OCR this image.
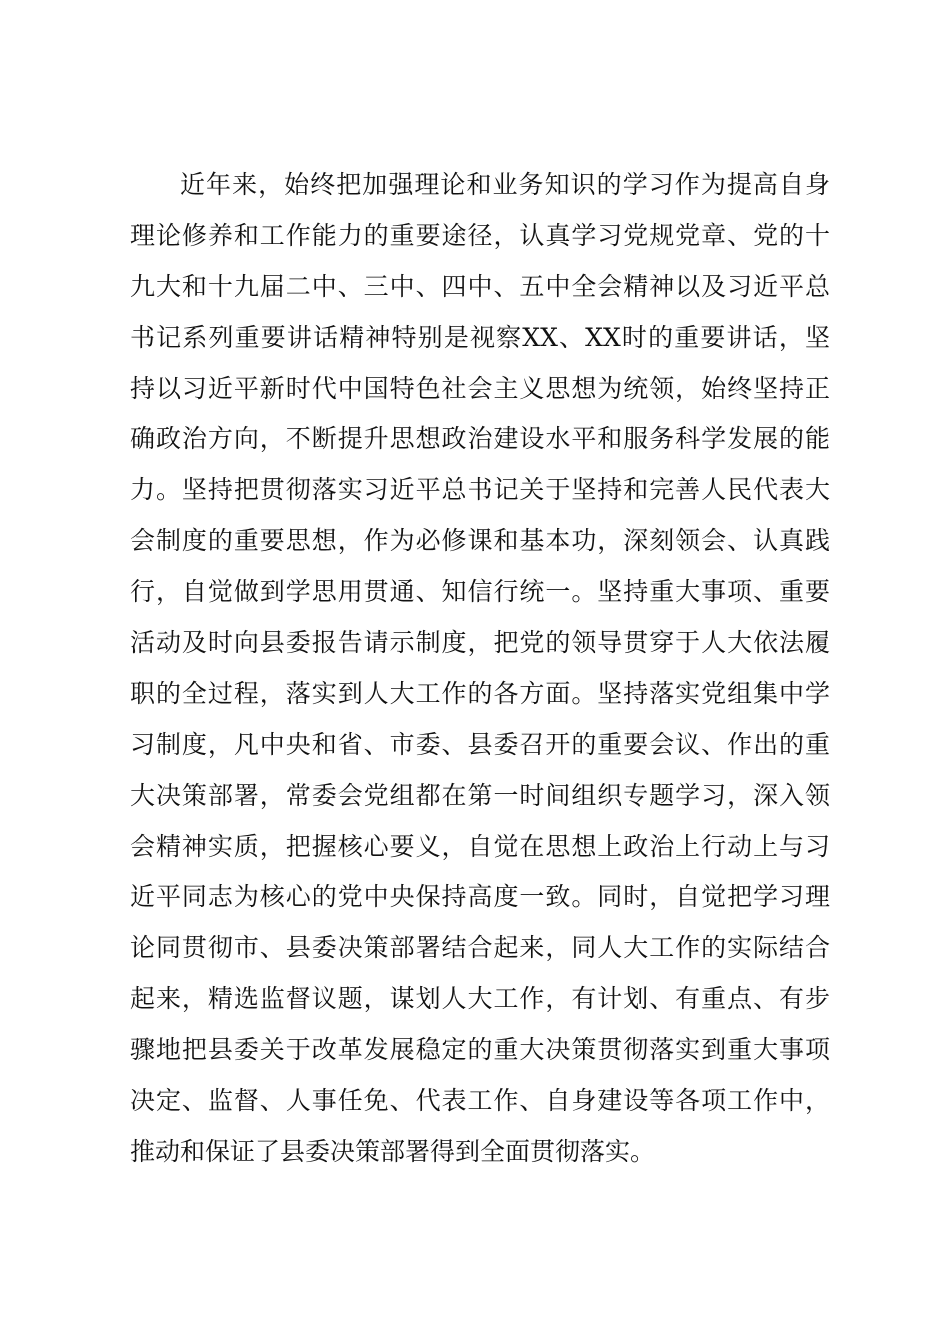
近年来，始终把加强理论和业务知识的学习作为提高自身
理论修养和工作能力的重要途径，认真学习党规党章、党的十
九大和十九届二中、三中、四中、五中全会精神以及习近平总
书记系列重要讲话精神特别是视察XX、XX时的重要讲话，坚
持以习近平新时代中国特色社会主义思想为统领，始终坚持正
确政治方向，不断提升思想政治建设水平和服务科学发展的能
力。坚持把贯彻落实习近平总书记关于坚持和完善人民代表大
会制度的重要思想，作为必修课和基本功，深刻领会、认真践
行，自觉做到学思用贯通、知信行统一。坚持重大事项、重要
活动及时向县委报告请示制度，把党的领导贯穿于人大依法履
职的全过程，落实到人大工作的各方面。坚持落实党组集中学
习制度，凡中央和省、市委、县委召开的重要会议、作出的重
大决策部署，常委会党组都在第一时间组织专题学习，深入领
会精神实质，把握核心要义，自觉在思想上政治上行动上与习
近平同志为核心的党中央保持高度一致。同时，自觉把学习理
论同贯彻市、县委决策部署结合起来，同人大工作的实际结合
起来，精选监督议题，谋划人大工作，有计划、有重点、有步
骤地把县委关于改革发展稳定的重大决策贯彻落实到重大事项
决定、监督、人事任免、代表工作、自身建设等各项工作中，
推动和保证了县委决策部署得到全面贯彻落实。
